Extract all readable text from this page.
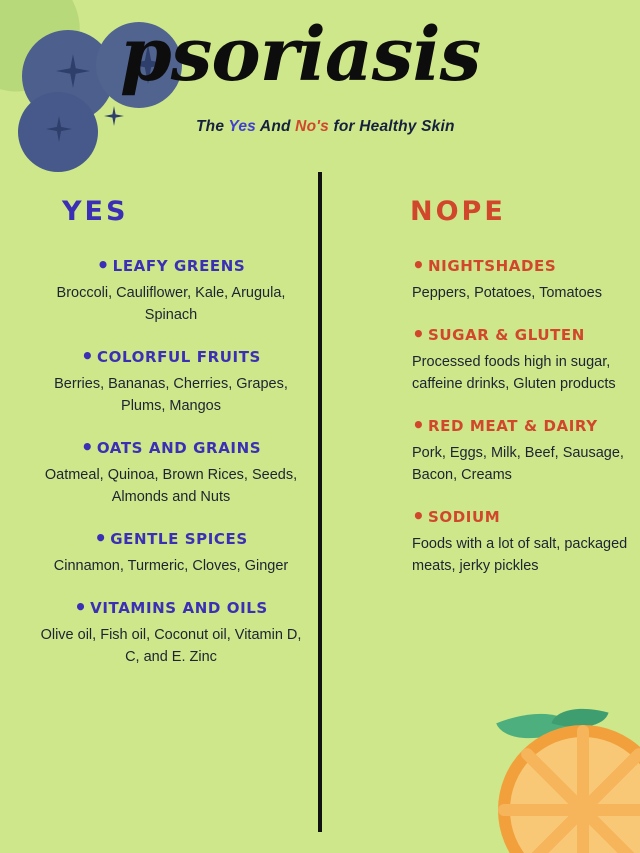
psoriasis
The Yes And No's for Healthy Skin
YES
• LEAFY GREENS
Broccoli, Cauliflower, Kale, Arugula, Spinach
• COLORFUL FRUITS
Berries, Bananas, Cherries, Grapes, Plums, Mangos
• OATS AND GRAINS
Oatmeal, Quinoa, Brown Rices, Seeds, Almonds and Nuts
• GENTLE SPICES
Cinnamon, Turmeric, Cloves, Ginger
• VITAMINS AND OILS
Olive oil, Fish oil, Coconut oil, Vitamin D, C, and E. Zinc
NOPE
• NIGHTSHADES
Peppers, Potatoes, Tomatoes
• SUGAR & GLUTEN
Processed foods high in sugar, caffeine drinks, Gluten products
• RED MEAT & DAIRY
Pork, Eggs, Milk, Beef, Sausage, Bacon, Creams
• SODIUM
Foods with a lot of salt, packaged meats, jerky pickles
